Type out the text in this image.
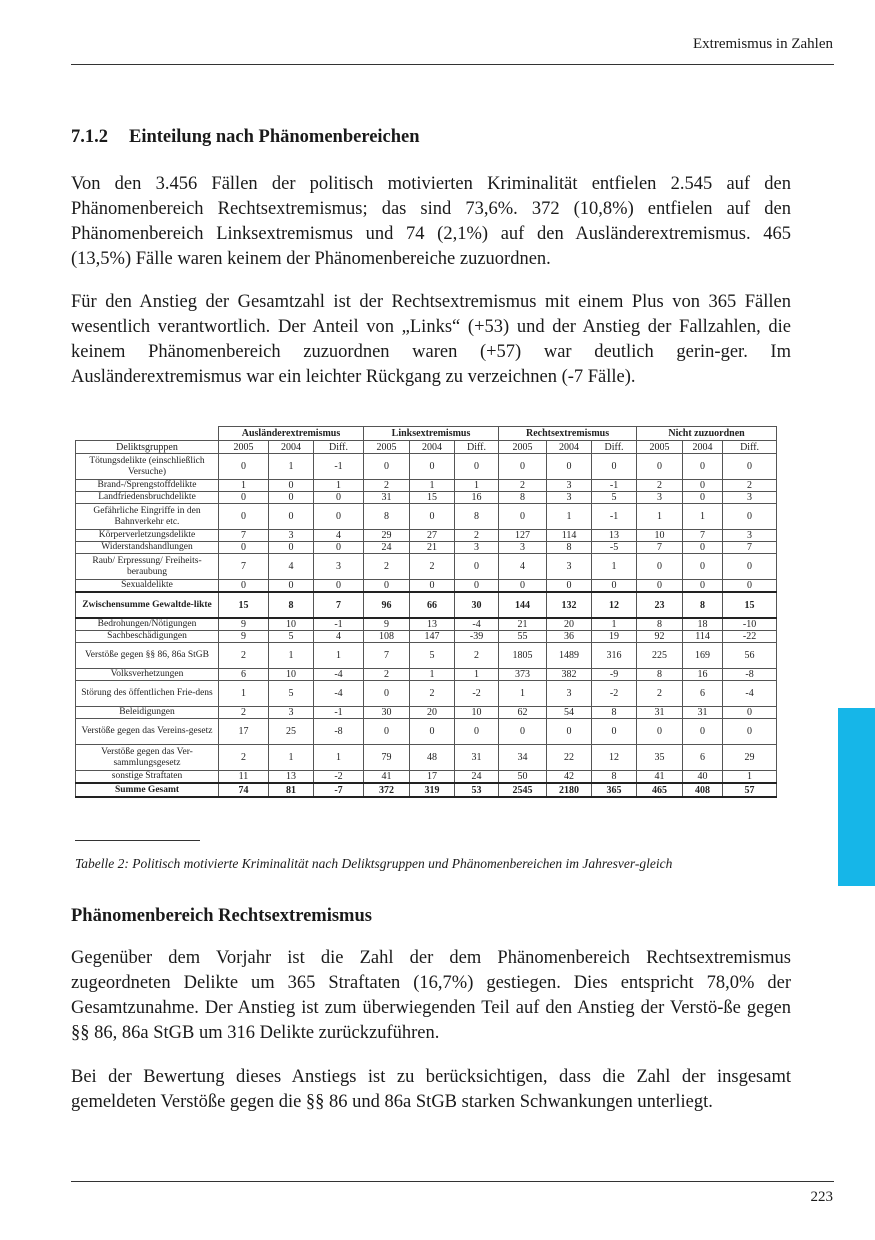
Extremismus in Zahlen
7.1.2 Einteilung nach Phänomenbereichen

Von den 3.456 Fällen der politisch motivierten Kriminalität entfielen 2.545 auf den Phänomenbereich Rechtsextremismus; das sind 73,6%. 372 (10,8%) entfielen auf den Phänomenbereich Linksextremismus und 74 (2,1%) auf den Ausländerextremismus. 465 (13,5%) Fälle waren keinem der Phänomenbereiche zuzuordnen.

Für den Anstieg der Gesamtzahl ist der Rechtsextremismus mit einem Plus von 365 Fällen wesentlich verantwortlich. Der Anteil von „Links“ (+53) und der Anstieg der Fallzahlen, die keinem Phänomenbereich zuzuordnen waren (+57) war deutlich gerin-ger. Im Ausländerextremismus war ein leichter Rückgang zu verzeichnen (-7 Fälle).

	Ausländerextremismus			Linksextremismus			Rechtsextremismus			Nicht zuzuordnen		
Deliktsgruppen	2005	2004	Diff.	2005	2004	Diff.	2005	2004	Diff.	2005	2004	Diff.
Tötungsdelikte (einschließlich Versuche)	0	1	-1	0	0	0	0	0	0	0	0	0
Brand-/Sprengstoffdelikte	1	0	1	2	1	1	2	3	-1	2	0	2
Landfriedensbruchdelikte	0	0	0	31	15	16	8	3	5	3	0	3
Gefährliche Eingriffe in den Bahnverkehr etc.	0	0	0	8	0	8	0	1	-1	1	1	0
Körperverletzungsdelikte	7	3	4	29	27	2	127	114	13	10	7	3
Widerstandshandlungen	0	0	0	24	21	3	3	8	-5	7	0	7
Raub/ Erpressung/ Freiheits-beraubung	7	4	3	2	2	0	4	3	1	0	0	0
Sexualdelikte	0	0	0	0	0	0	0	0	0	0	0	0
Zwischensumme Gewaltde-likte	15	8	7	96	66	30	144	132	12	23	8	15
Bedrohungen/Nötigungen	9	10	-1	9	13	-4	21	20	1	8	18	-10
Sachbeschädigungen	9	5	4	108	147	-39	55	36	19	92	114	-22
Verstöße gegen §§ 86, 86a StGB	2	1	1	7	5	2	1805	1489	316	225	169	56
Volksverhetzungen	6	10	-4	2	1	1	373	382	-9	8	16	-8
Störung des öffentlichen Frie-dens	1	5	-4	0	2	-2	1	3	-2	2	6	-4
Beleidigungen	2	3	-1	30	20	10	62	54	8	31	31	0
Verstöße gegen das Vereins-gesetz	17	25	-8	0	0	0	0	0	0	0	0	0
Verstöße gegen das Ver-sammlungsgesetz	2	1	1	79	48	31	34	22	12	35	6	29
sonstige Straftaten	11	13	-2	41	17	24	50	42	8	41	40	1
Summe Gesamt	74	81	-7	372	319	53	2545	2180	365	465	408	57

Tabelle 2: Politisch motivierte Kriminalität nach Deliktsgruppen und Phänomenbereichen im Jahresver-gleich

Phänomenbereich Rechtsextremismus

Gegenüber dem Vorjahr ist die Zahl der dem Phänomenbereich Rechtsextremismus zugeordneten Delikte um 365 Straftaten (16,7%) gestiegen. Dies entspricht 78,0% der Gesamtzunahme. Der Anstieg ist zum überwiegenden Teil auf den Anstieg der Verstö-ße gegen §§ 86, 86a StGB um 316 Delikte zurückzuführen.

Bei der Bewertung dieses Anstiegs ist zu berücksichtigen, dass die Zahl der insgesamt gemeldeten Verstöße gegen die §§ 86 und 86a StGB starken Schwankungen unterliegt.

223
